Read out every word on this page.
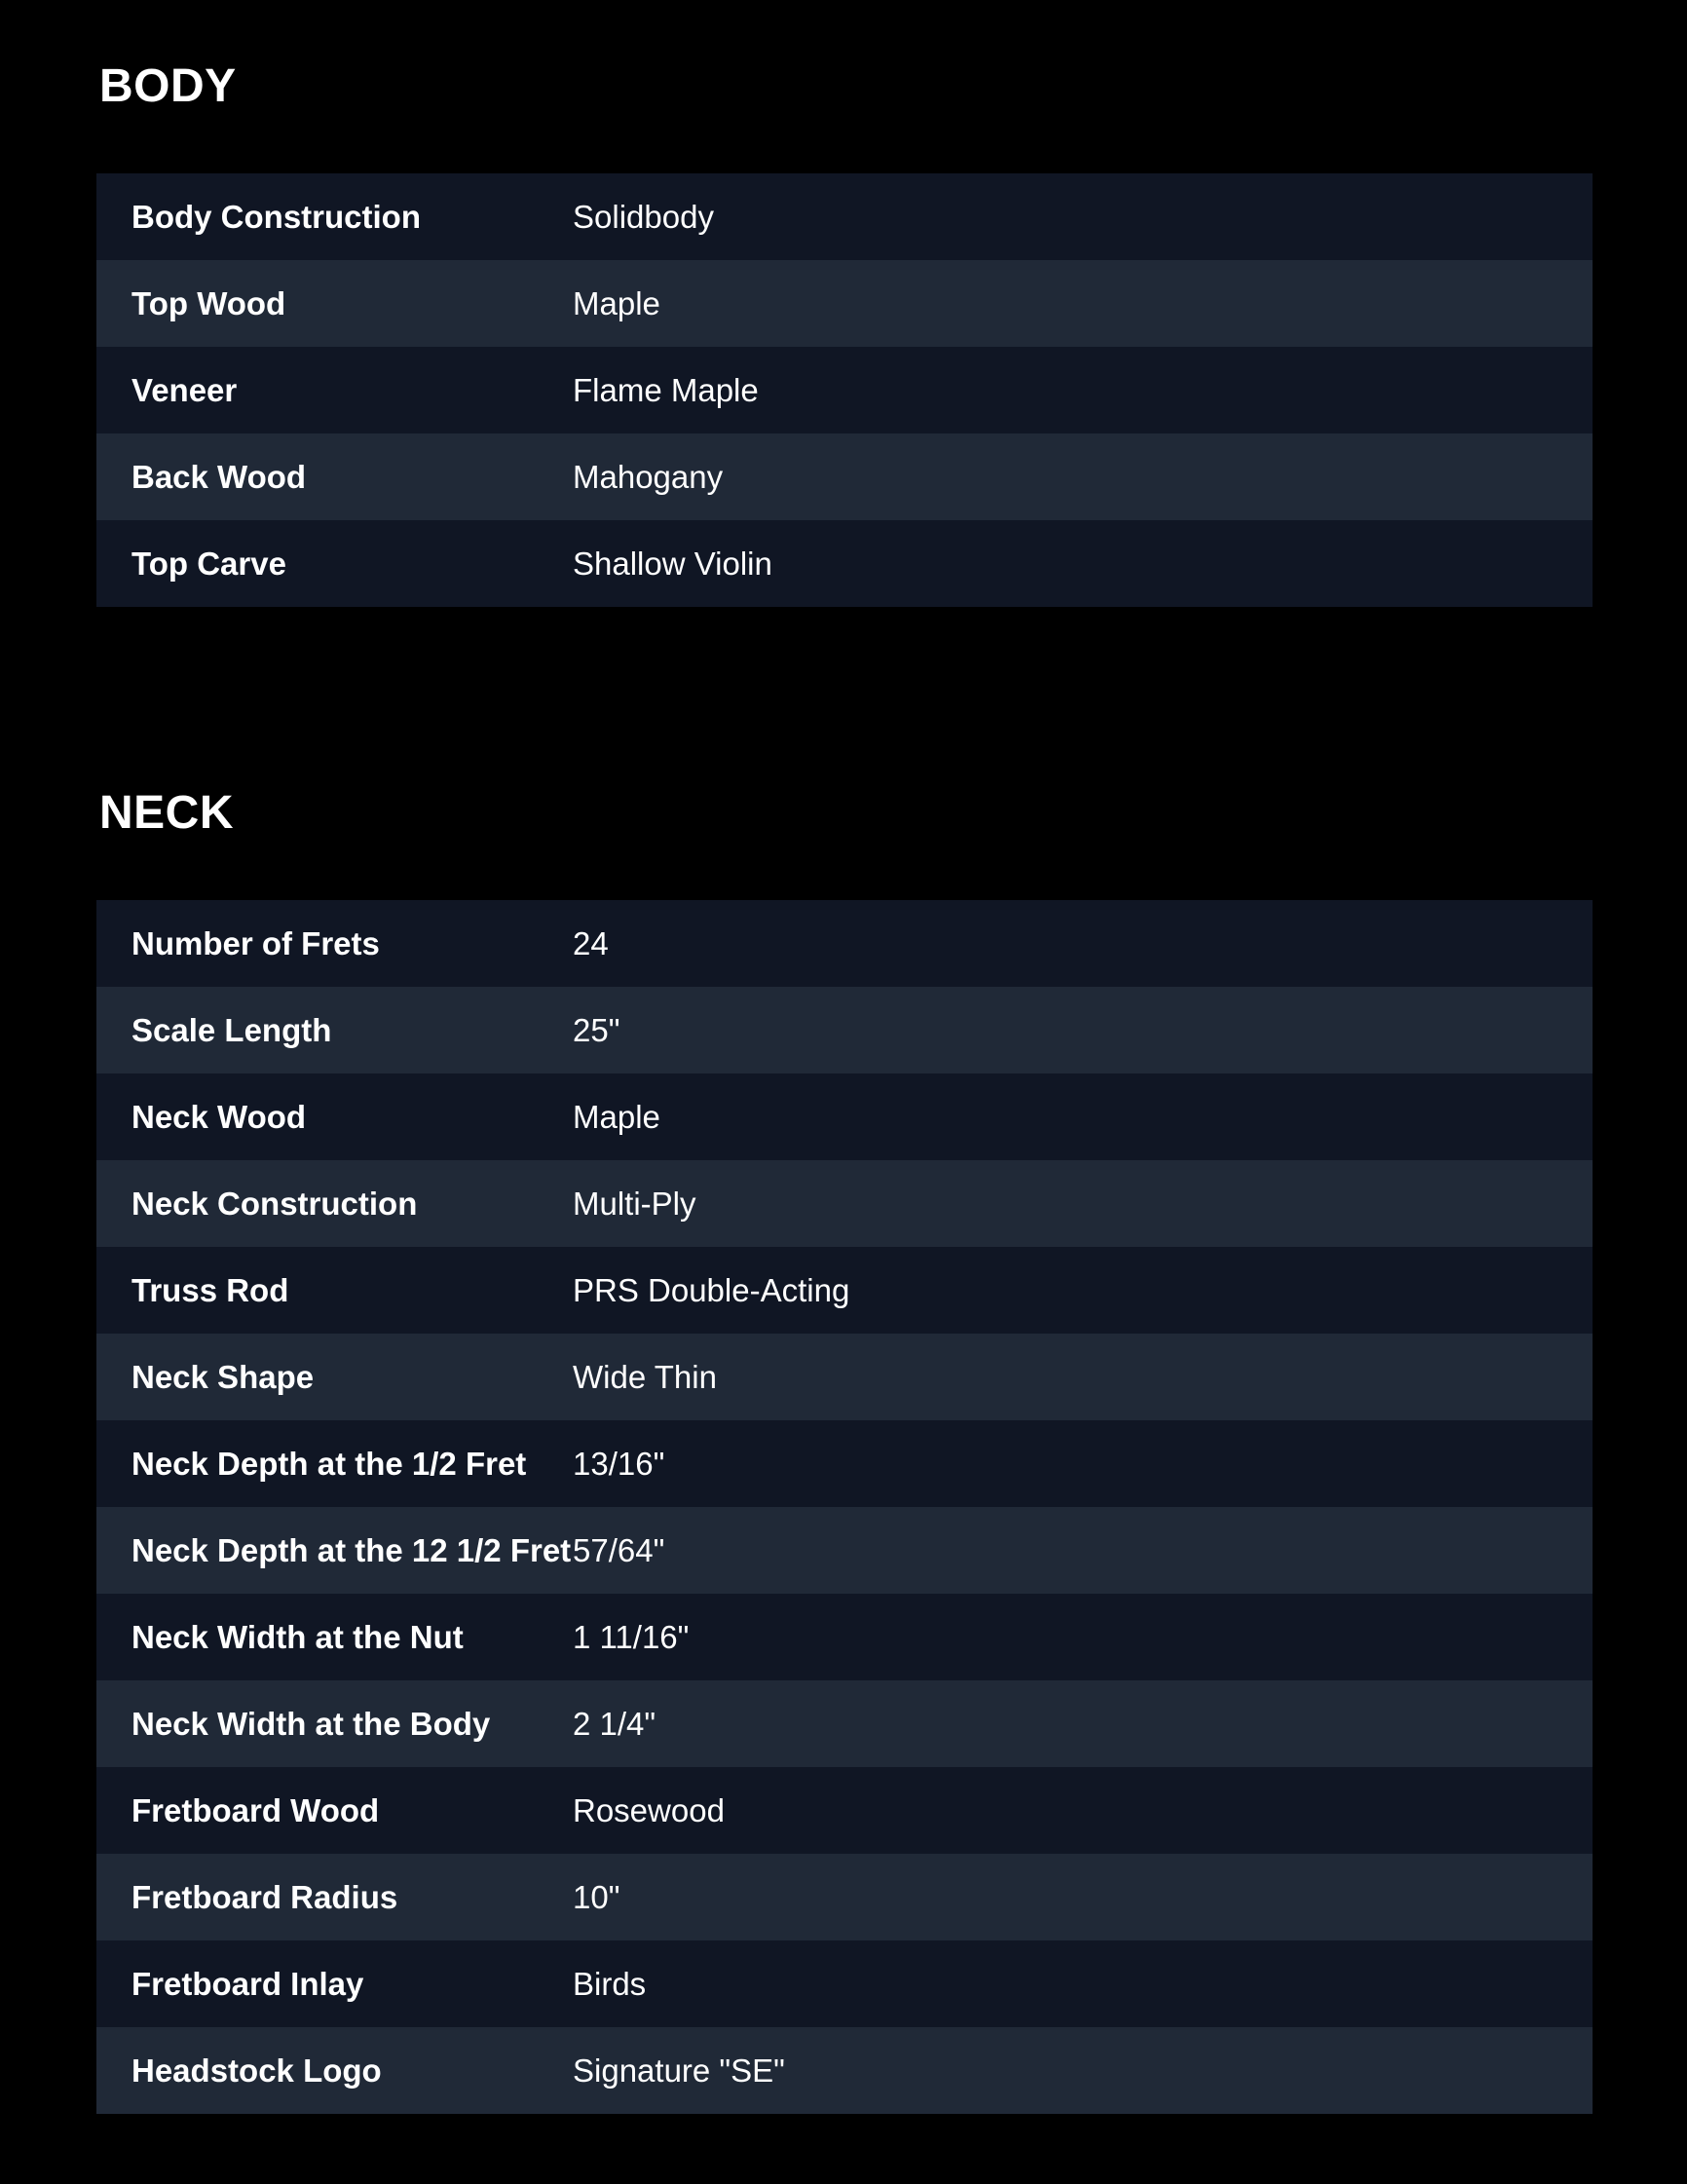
BODY
Body Construction	Solidbody
Top Wood	Maple
Veneer	Flame Maple
Back Wood	Mahogany
Top Carve	Shallow Violin
NECK
Number of Frets	24
Scale Length	25"
Neck Wood	Maple
Neck Construction	Multi-Ply
Truss Rod	PRS Double-Acting
Neck Shape	Wide Thin
Neck Depth at the 1/2 Fret	13/16"
Neck Depth at the 12 1/2 Fret	57/64"
Neck Width at the Nut	1 11/16"
Neck Width at the Body	2 1/4"
Fretboard Wood	Rosewood
Fretboard Radius	10"
Fretboard Inlay	Birds
Headstock Logo	Signature "SE"
